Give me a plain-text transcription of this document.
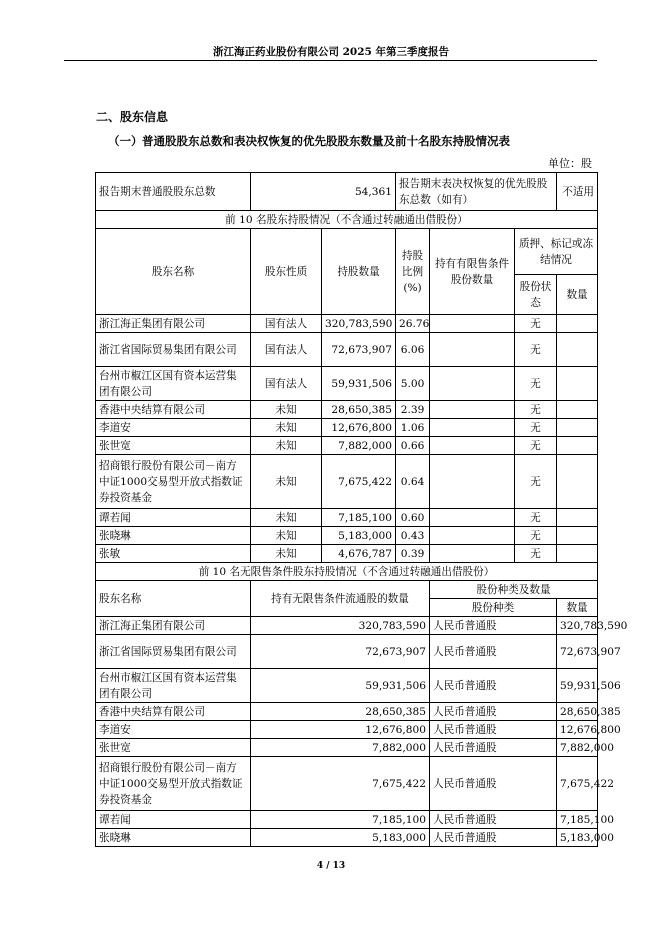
浙江海正药业股份有限公司 2025 年第三季度报告
二、股东信息
（一）普通股股东总数和表决权恢复的优先股股东数量及前十名股东持股情况表
单位：股
报告期末普通股股东总数	54,361		报告期末表决权恢复的优先股股东总数（如有）			不适用
前 10 名股东持股情况（不含通过转融通出借股份）						
股东名称	股东性质	持股数量	持股比例(%)	持有有限售条件股份数量	质押、标记或冻结情况	
					股份状态	数量
浙江海正集团有限公司	国有法人	320,783,590	26.76		无	
浙江省国际贸易集团有限公司	国有法人	72,673,907	6.06		无	
台州市椒江区国有资本运营集团有限公司	国有法人	59,931,506	5.00		无	
香港中央结算有限公司	未知	28,650,385	2.39		无	
李道安	未知	12,676,800	1.06		无	
张世宽	未知	7,882,000	0.66		无	
招商银行股份有限公司－南方中证1000交易型开放式指数证券投资基金	未知	7,675,422	0.64		无	
谭若闻	未知	7,185,100	0.60		无	
张晓琳	未知	5,183,000	0.43		无	
张敏	未知	4,676,787	0.39		无	
前 10 名无限售条件股东持股情况（不含通过转融通出借股份）						
股东名称	持有无限售条件流通股的数量			股份种类及数量		
				股份种类		数量
浙江海正集团有限公司	320,783,590			人民币普通股		320,783,590
浙江省国际贸易集团有限公司	72,673,907			人民币普通股		72,673,907
台州市椒江区国有资本运营集团有限公司	59,931,506			人民币普通股		59,931,506
香港中央结算有限公司	28,650,385			人民币普通股		28,650,385
李道安	12,676,800			人民币普通股		12,676,800
张世宽	7,882,000			人民币普通股		7,882,000
招商银行股份有限公司－南方中证1000交易型开放式指数证券投资基金	7,675,422			人民币普通股		7,675,422
谭若闻	7,185,100			人民币普通股		7,185,100
张晓琳	5,183,000			人民币普通股		5,183,000
4 / 13
